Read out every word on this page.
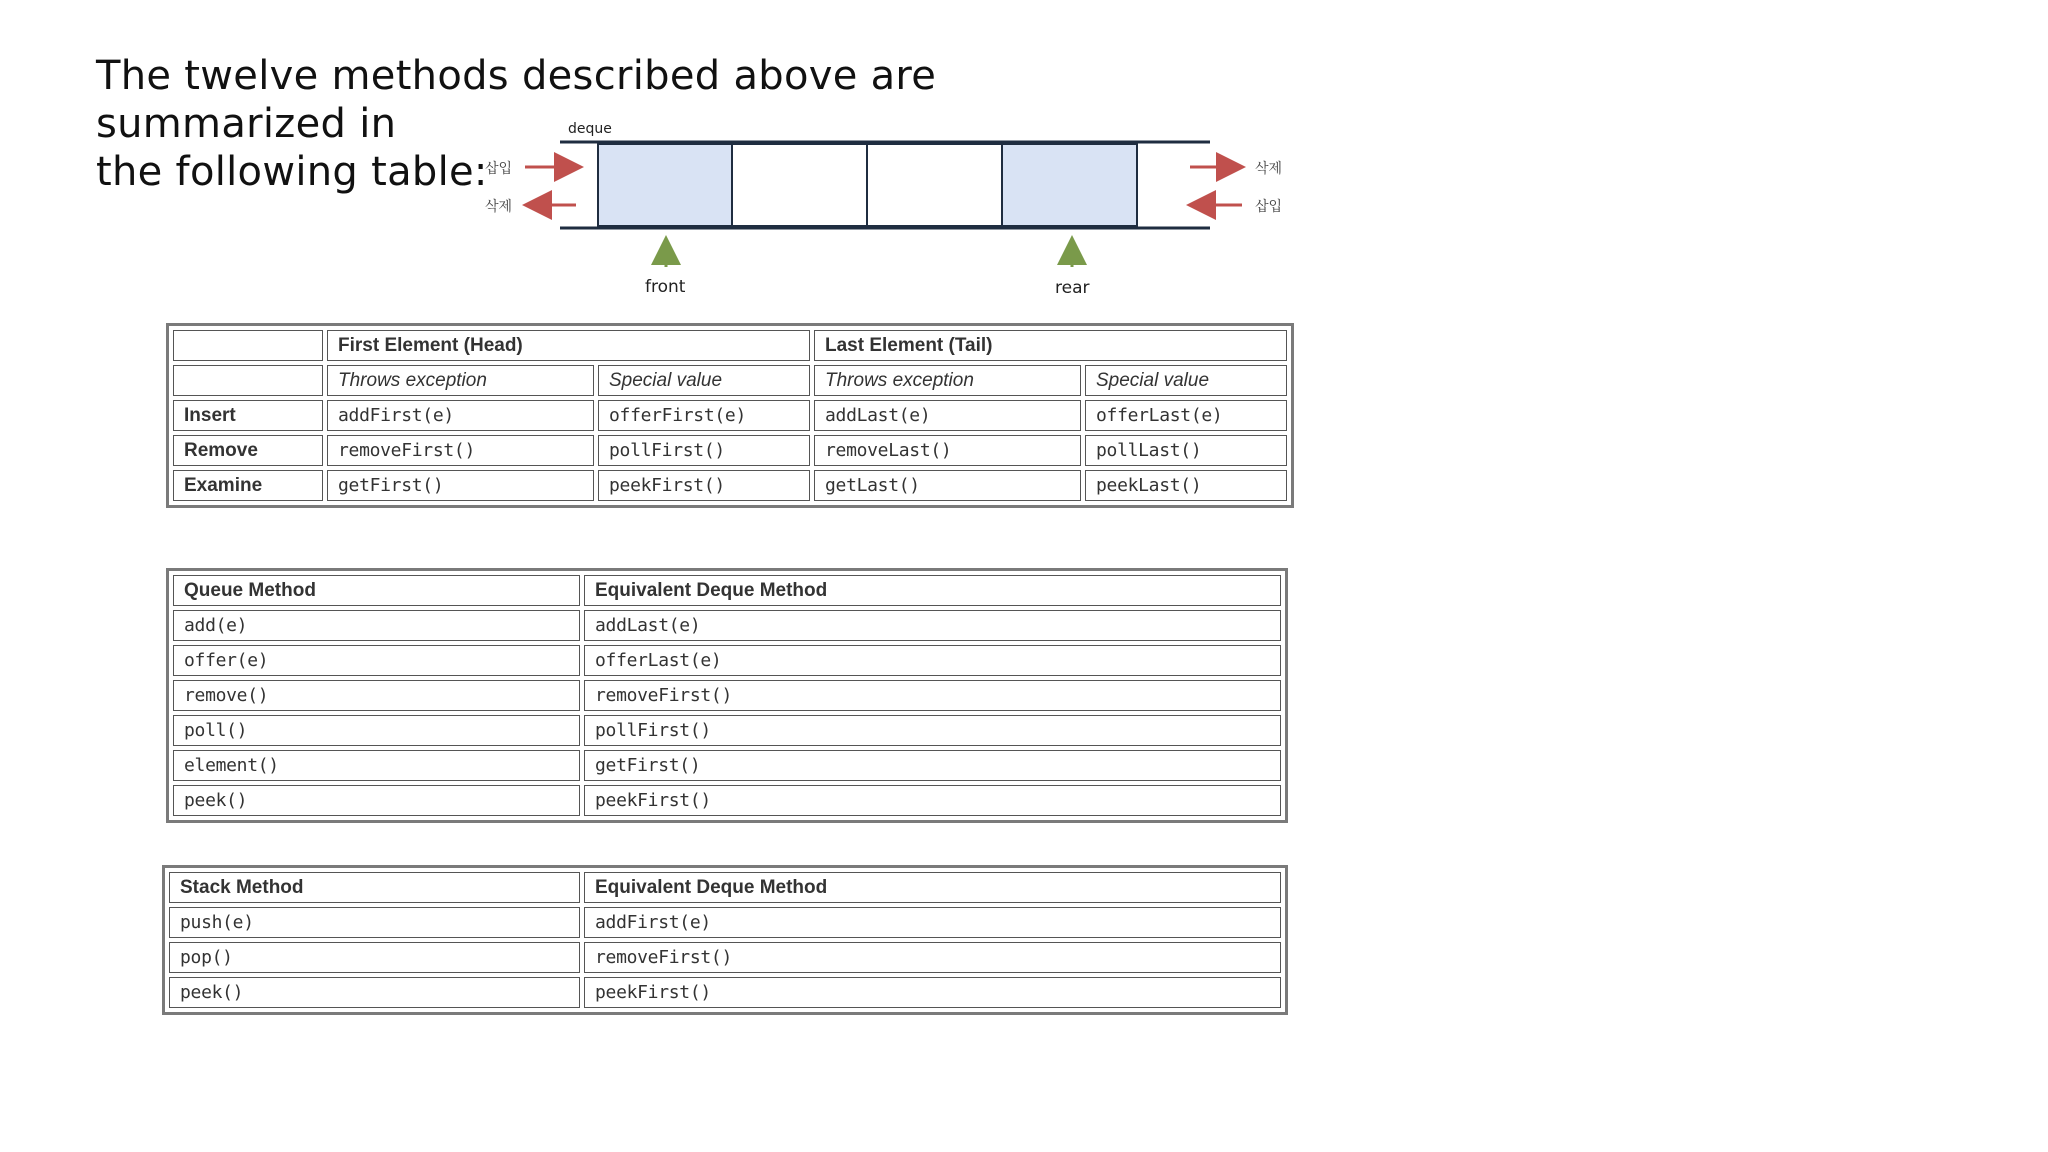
The twelve methods described above are summarized in
the following table:

deque
삽입
삭제
삭제
삽입
front	rear
	First Element (Head)		Last Element (Tail)	
	Throws exception	Special value	Throws exception	Special value
Insert	addFirst(e)	offerFirst(e)	addLast(e)	offerLast(e)
Remove	removeFirst()	pollFirst()	removeLast()	pollLast()
Examine	getFirst()	peekFirst()	getLast()	peekLast()
Queue Method	Equivalent Deque Method
add(e)	addLast(e)
offer(e)	offerLast(e)
remove()	removeFirst()
poll()	pollFirst()
element()	getFirst()
peek()	peekFirst()
Stack Method	Equivalent Deque Method
push(e)	addFirst(e)
pop()	removeFirst()
peek()	peekFirst()
